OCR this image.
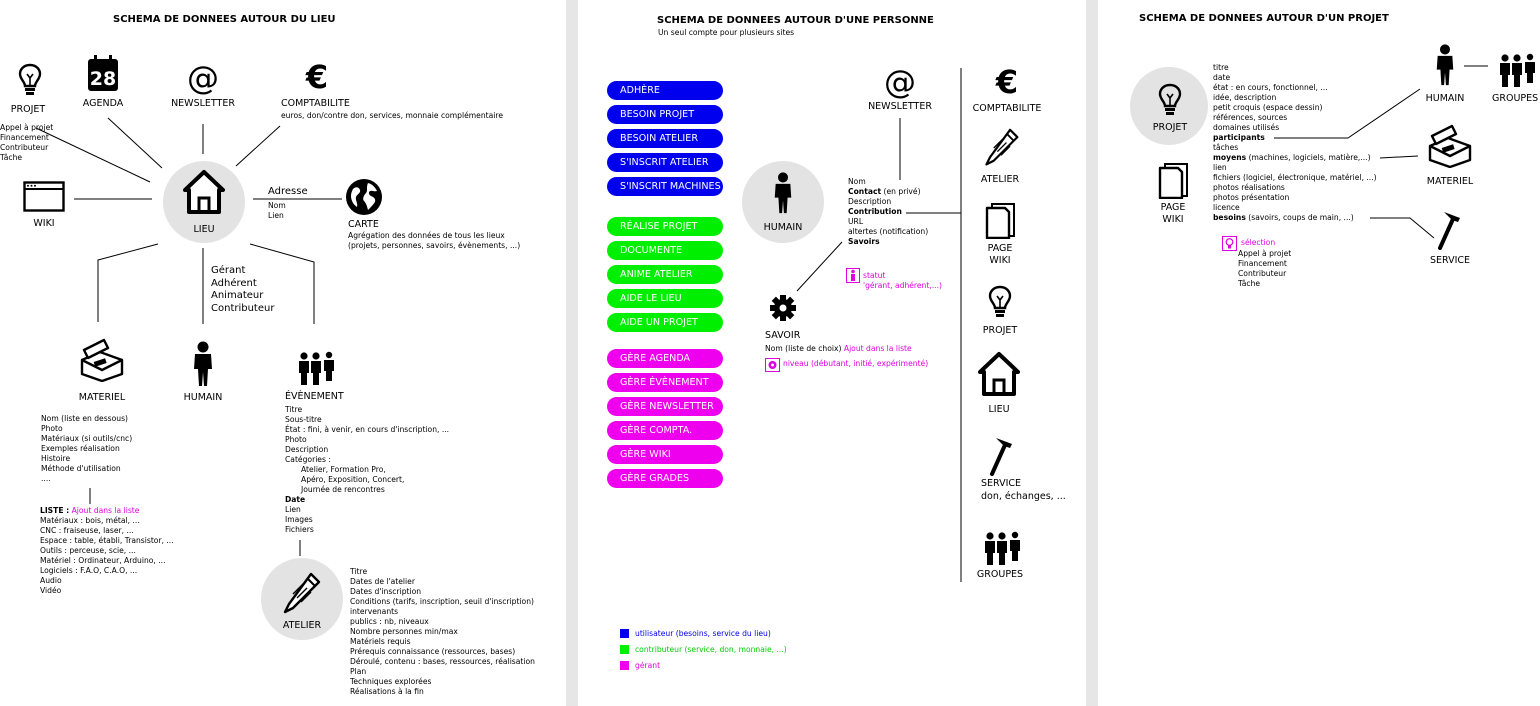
SCHEMA DE DONNEES AUTOUR DU LIEU
LIEU
PROJET
Appel à projet
Financement
Contributeur
Tâche
28
AGENDA
@
NEWSLETTER
€
COMPTABILITE
euros, don/contre don, services, monnaie complémentaire
WIKI
Adresse
Nom
Lien
CARTE
Agrégation des données de tous les lieux
(projets, personnes, savoirs, évènements, ...)
Gérant
Adhérent
Animateur
Contributeur
MATERIEL
Nom (liste en dessous)
Photo
Matériaux (si outils/cnc)
Exemples réalisation
Histoire
Méthode d'utilisation
....
LISTE : Ajout dans la liste
Matériaux : bois, métal, ...
CNC : fraiseuse, laser, ...
Espace : table, établi, Transistor, ...
Outils : perceuse, scie, ...
Matériel : Ordinateur, Arduino, ...
Logiciels : F.A.O, C.A.O, ...
Audio
Vidéo
HUMAIN	ÉVÈNEMENT
Titre
Sous-titre
État : fini, à venir, en cours d'inscription, ...
Photo
Description
Catégories :
Atelier, Formation Pro,
Apéro, Exposition, Concert,
Journée de rencontres
Date
Lien
Images
Fichiers
ATELIER
Titre
Dates de l'atelier
Dates d'inscription
Conditions (tarifs, inscription, seuil d'inscription)
intervenants
publics : nb, niveaux
Nombre personnes min/max
Matériels requis
Prérequis connaissance (ressources, bases)
Déroulé, contenu : bases, ressources, réalisation
Plan
Techniques explorées
Réalisations à la fin
SCHEMA DE DONNEES AUTOUR D'UNE PERSONNE
Un seul compte pour plusieurs sites
ADHÈRE
BESOIN PROJET
BESOIN ATELIER
S'INSCRIT ATELIER
S'INSCRIT MACHINES
RÉALISE PROJET
DOCUMENTE
ANIME ATELIER
AIDE LE LIEU
AIDE UN PROJET
GÈRE AGENDA
GÈRE ÉVÈNEMENT
GÈRE NEWSLETTER
GÈRE COMPTA.
GÈRE WIKI
GÈRE GRADES
HUMAIN
@
NEWSLETTER
Nom
Contact (en privé)
Description
Contribution
URL
altertes (notification)
Savoirs
statut
'gérant, adhérent,...)
SAVOIR
Nom (liste de choix) Ajout dans la liste
niveau (débutant, initié, expérimenté)
€
COMPTABILITE
ATELIER
PAGE
WIKI
PROJET
LIEU
SERVICE
don, échanges, ...
GROUPES
utilisateur (besoins, service du lieu)
contributeur (service, don, monnaie, ...)
gérant
SCHEMA DE DONNEES AUTOUR D'UN PROJET
PROJET
PAGE
WIKI
titre
date
état : en cours, fonctionnel, ...
idée, description
petit croquis (espace dessin)
références, sources
domaines utilisés
participants
tâches
moyens (machines, logiciels, matière,...)
lien
fichiers (logiciel, électronique, matériel, ...)
photos réalisations
photos présentation
licence
besoins (savoirs, coups de main, ...)
sélection
Appel à projet
Financement
Contributeur
Tâche
HUMAIN	GROUPES
MATERIEL
SERVICE
